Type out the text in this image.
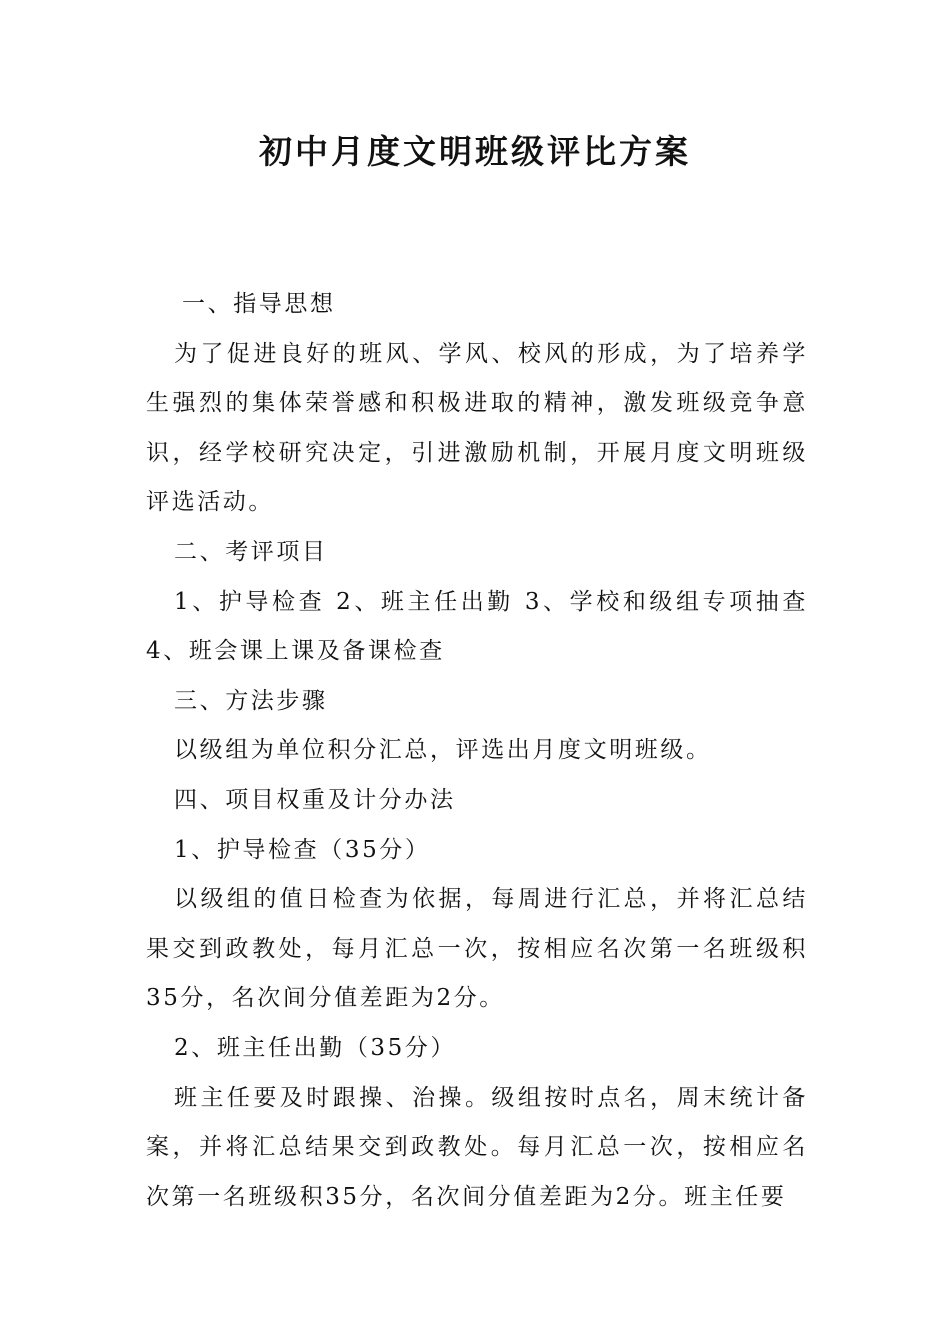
初中月度文明班级评比方案

一、指导思想

为了促进良好的班风、学风、校风的形成，为了培养学生强烈的集体荣誉感和积极进取的精神，激发班级竞争意识，经学校研究决定，引进激励机制，开展月度文明班级评选活动。

二、考评项目

1、护导检查 2、班主任出勤 3、学校和级组专项抽查4、班会课上课及备课检查

三、方法步骤

以级组为单位积分汇总，评选出月度文明班级。

四、项目权重及计分办法

1、护导检查（35分）

以级组的值日检查为依据，每周进行汇总，并将汇总结果交到政教处，每月汇总一次，按相应名次第一名班级积35分，名次间分值差距为2分。

2、班主任出勤（35分）

班主任要及时跟操、治操。级组按时点名，周末统计备案，并将汇总结果交到政教处。每月汇总一次，按相应名次第一名班级积35分，名次间分值差距为2分。班主任要
